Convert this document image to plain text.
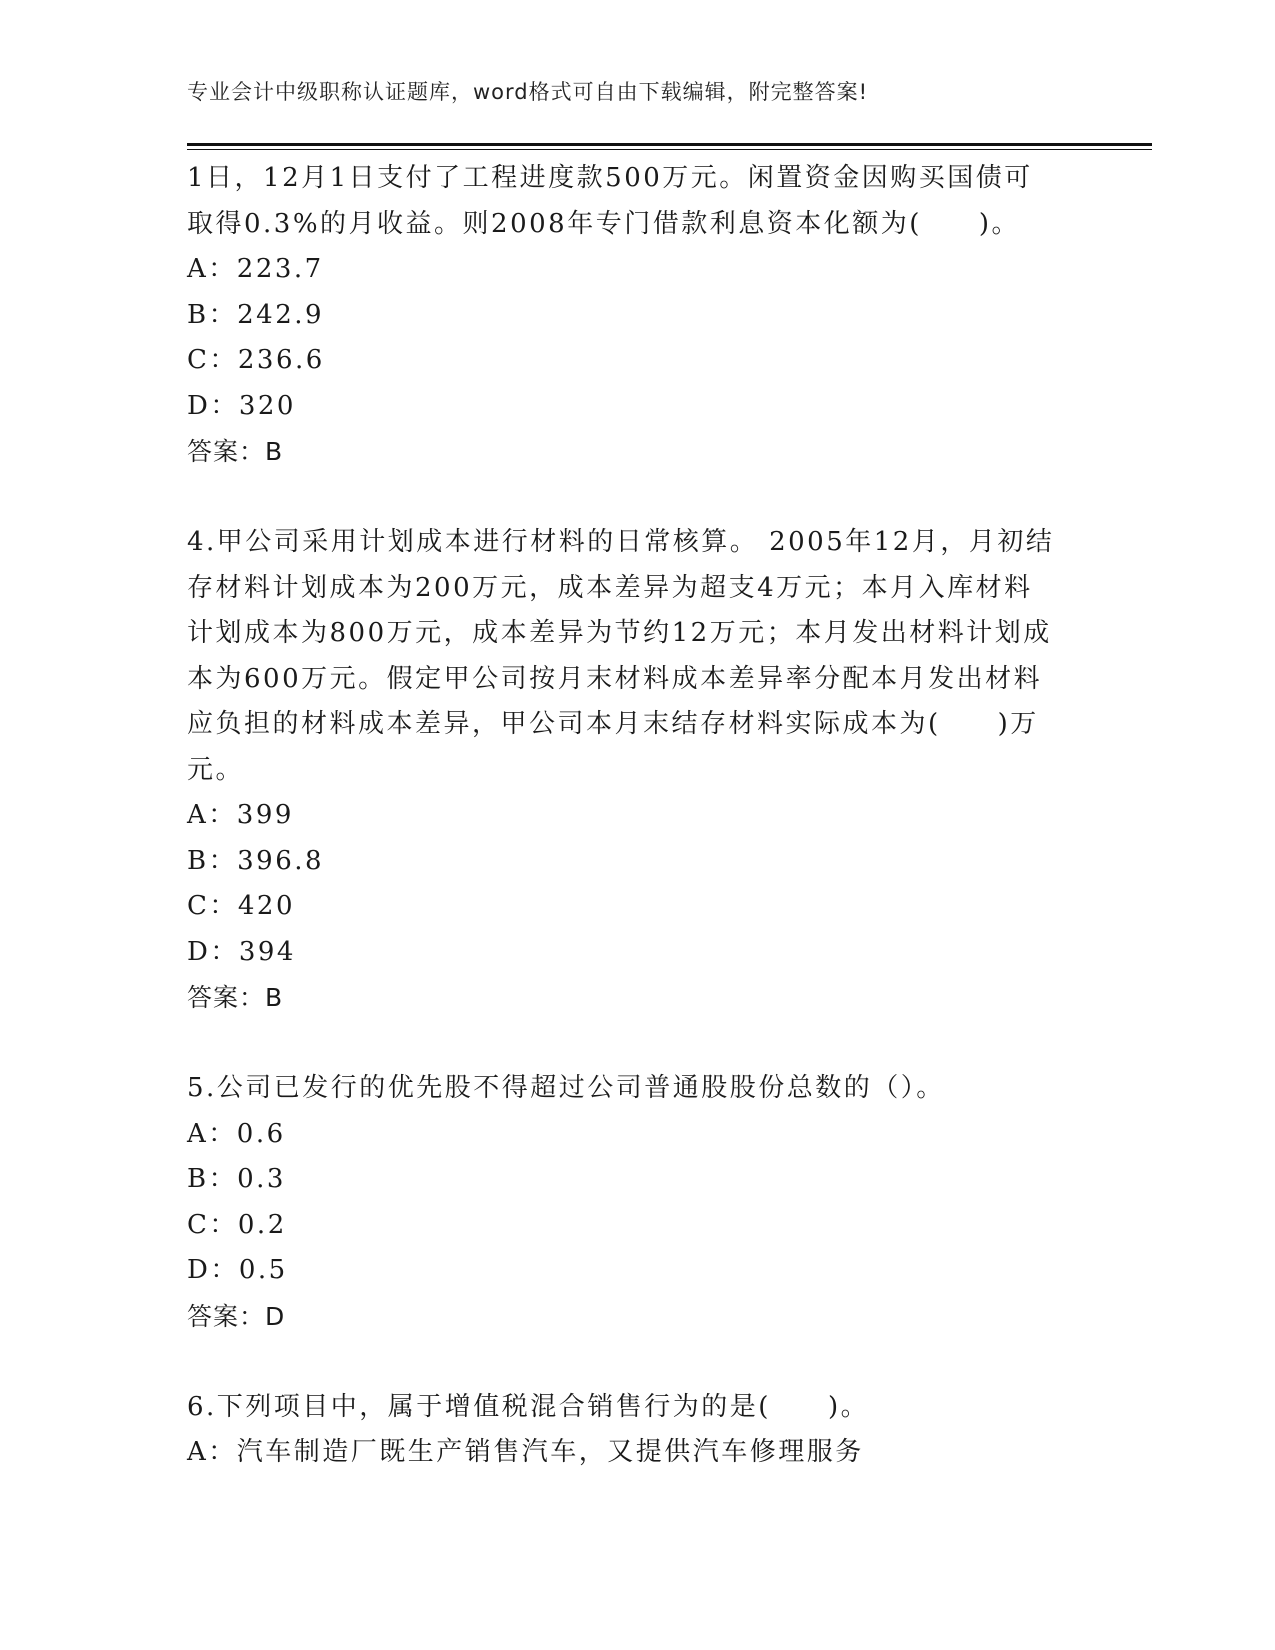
专业会计中级职称认证题库，word格式可自由下载编辑，附完整答案!

1日，12月1日支付了工程进度款500万元。闲置资金因购买国债可

取得0.3%的月收益。则2008年专门借款利息资本化额为(　　)。

A：223.7

B：242.9

C：236.6

D：320

答案：B

4.甲公司采用计划成本进行材料的日常核算。 2005年12月，月初结

存材料计划成本为200万元，成本差异为超支4万元；本月入库材料

计划成本为800万元，成本差异为节约12万元；本月发出材料计划成

本为600万元。假定甲公司按月末材料成本差异率分配本月发出材料

应负担的材料成本差异，甲公司本月末结存材料实际成本为(　　)万

元。

A：399

B：396.8

C：420

D：394

答案：B

5.公司已发行的优先股不得超过公司普通股股份总数的（）。

A：0.6

B：0.3

C：0.2

D：0.5

答案：D

6.下列项目中，属于增值税混合销售行为的是(　　)。

A：汽车制造厂既生产销售汽车，又提供汽车修理服务
